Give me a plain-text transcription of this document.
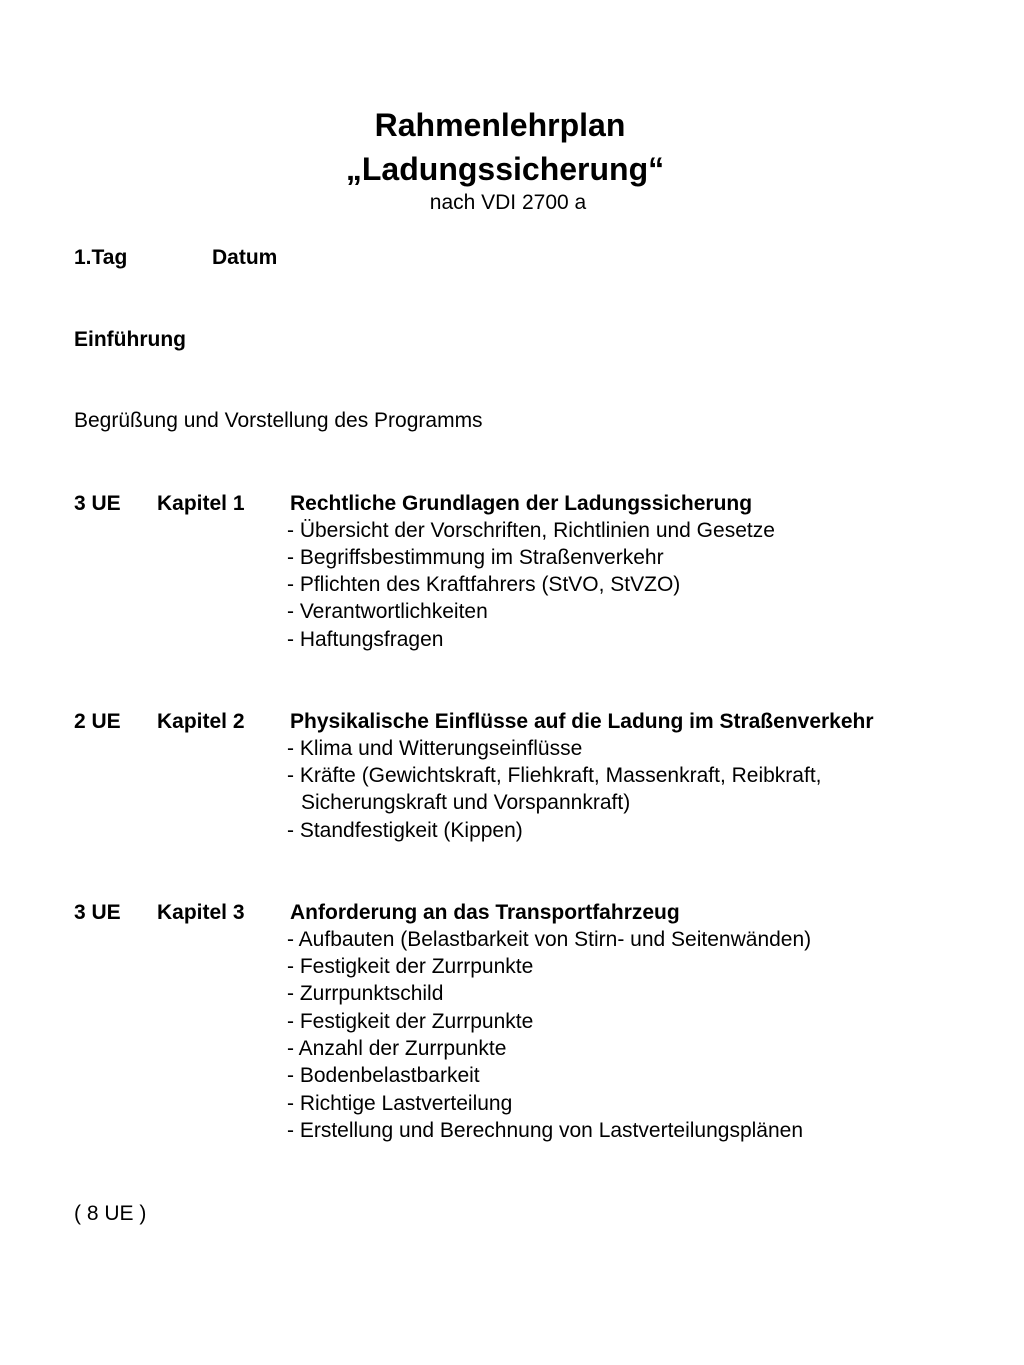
Rahmenlehrplan
„Ladungssicherung“
nach VDI 2700 a
1.Tag	Datum
Einführung
Begrüßung und Vorstellung des Programms
3 UE Kapitel 1 Rechtliche Grundlagen der Ladungssicherung
- Übersicht der Vorschriften, Richtlinien und Gesetze
- Begriffsbestimmung im Straßenverkehr
- Pflichten des Kraftfahrers (StVO, StVZO)
- Verantwortlichkeiten
- Haftungsfragen
2 UE Kapitel 2 Physikalische Einflüsse auf die Ladung im Straßenverkehr
- Klima und Witterungseinflüsse
- Kräfte (Gewichtskraft, Fliehkraft, Massenkraft, Reibkraft,
Sicherungskraft und Vorspannkraft)
- Standfestigkeit (Kippen)
3 UE Kapitel 3 Anforderung an das Transportfahrzeug
- Aufbauten (Belastbarkeit von Stirn- und Seitenwänden)
- Festigkeit der Zurrpunkte
- Zurrpunktschild
- Festigkeit der Zurrpunkte
- Anzahl der Zurrpunkte
- Bodenbelastbarkeit
- Richtige Lastverteilung
- Erstellung und Berechnung von Lastverteilungsplänen
( 8 UE )
